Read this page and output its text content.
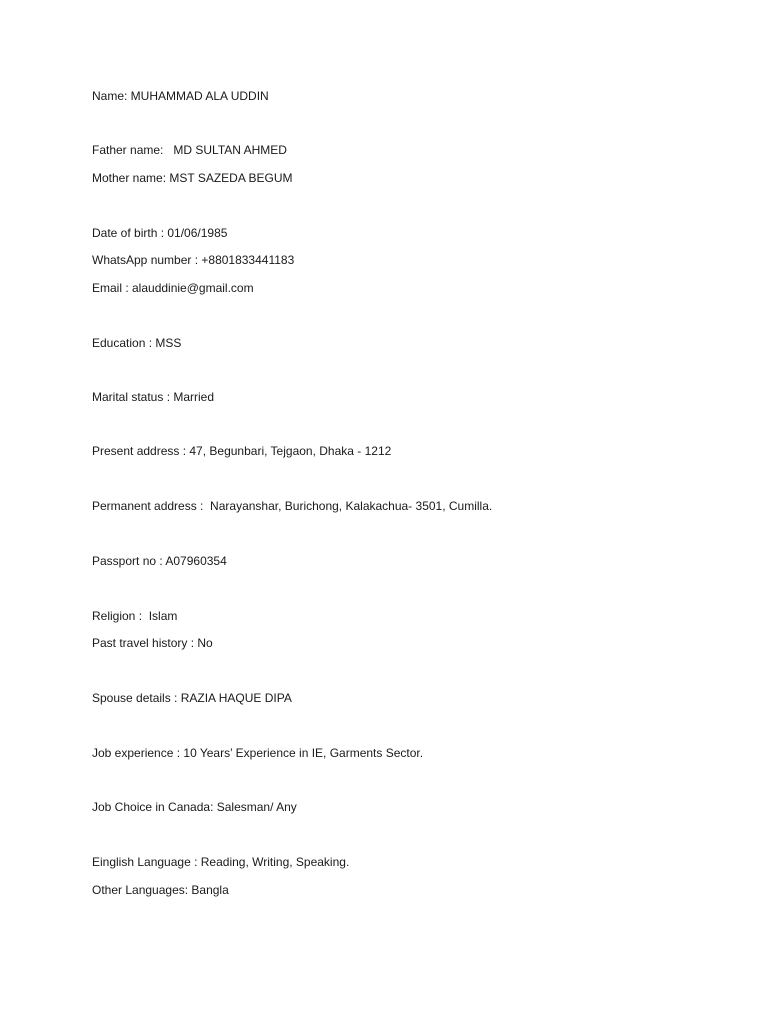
Name: MUHAMMAD ALA UDDIN
Father name:   MD SULTAN AHMED
Mother name: MST SAZEDA BEGUM
Date of birth : 01/06/1985
WhatsApp number : +8801833441183
Email : alauddinie@gmail.com
Education : MSS
Marital status : Married
Present address : 47, Begunbari, Tejgaon, Dhaka - 1212
Permanent address :  Narayanshar, Burichong, Kalakachua- 3501, Cumilla.
Passport no : A07960354
Religion :  Islam
Past travel history : No
Spouse details : RAZIA HAQUE DIPA
Job experience : 10 Years’ Experience in IE, Garments Sector.
Job Choice in Canada: Salesman/ Any
Einglish Language : Reading, Writing, Speaking.
Other Languages: Bangla
